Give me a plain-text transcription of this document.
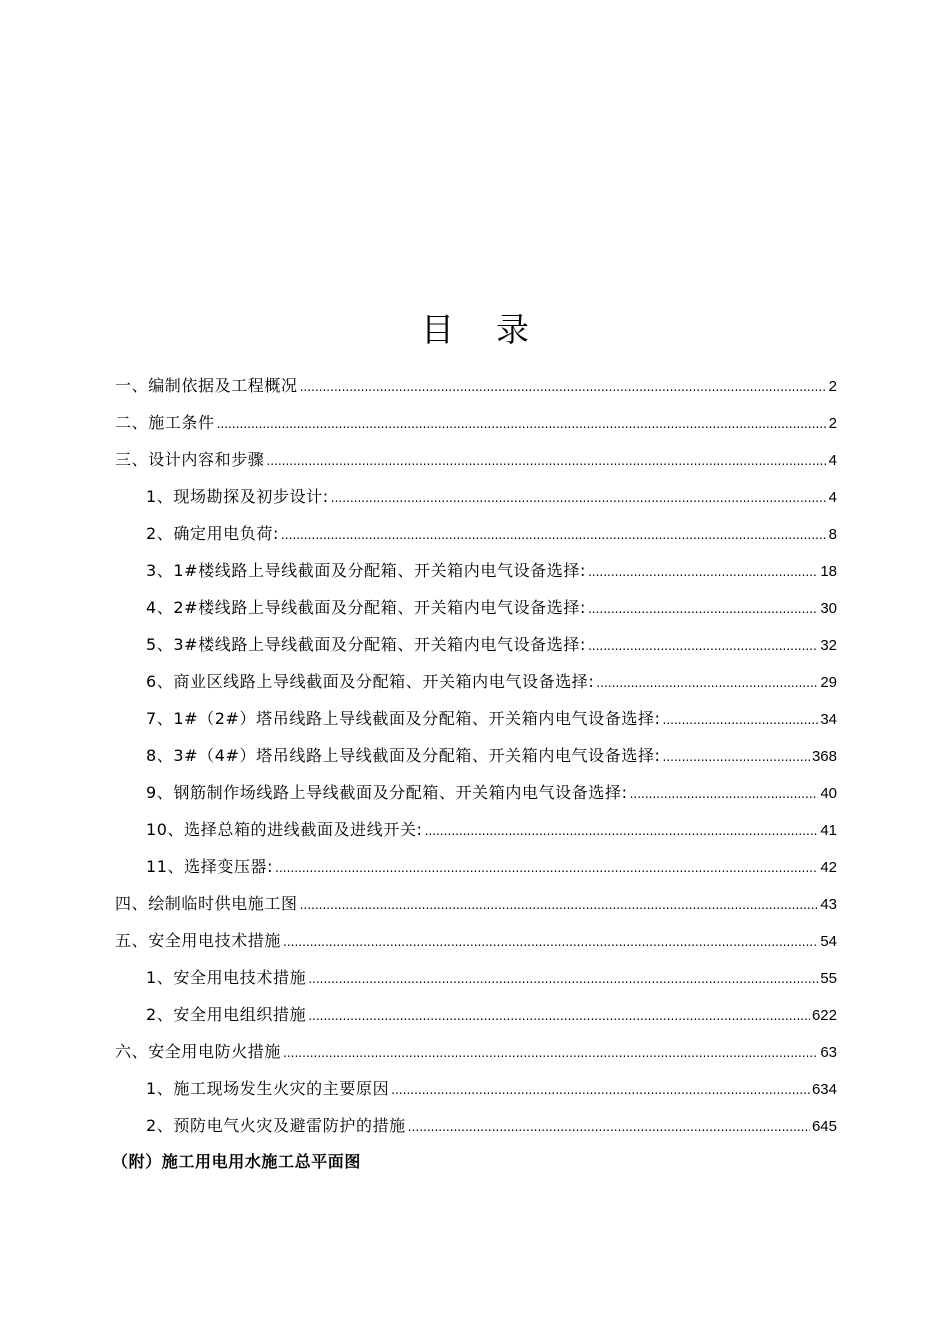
目 录
一、编制依据及工程概况 .....	2
二、施工条件 .....	2
三、设计内容和步骤 .....	4
1、现场勘探及初步设计: .....	4
2、确定用电负荷: .....	8
3、1#楼线路上导线截面及分配箱、开关箱内电气设备选择: .....	18
4、2#楼线路上导线截面及分配箱、开关箱内电气设备选择: .....	30
5、3#楼线路上导线截面及分配箱、开关箱内电气设备选择: .....	32
6、商业区线路上导线截面及分配箱、开关箱内电气设备选择: .....	29
7、1#（2#）塔吊线路上导线截面及分配箱、开关箱内电气设备选择: .....	34
8、3#（4#）塔吊线路上导线截面及分配箱、开关箱内电气设备选择: .....	368
9、钢筋制作场线路上导线截面及分配箱、开关箱内电气设备选择: .....	40
10、选择总箱的进线截面及进线开关: .....	41
11、选择变压器: .....	42
四、绘制临时供电施工图 .....	43
五、安全用电技术措施 .....	54
1、安全用电技术措施 .....	55
2、安全用电组织措施 .....	622
六、安全用电防火措施 .....	63
1、施工现场发生火灾的主要原因 .....	634
2、预防电气火灾及避雷防护的措施 .....	645
（附）施工用电用水施工总平面图
